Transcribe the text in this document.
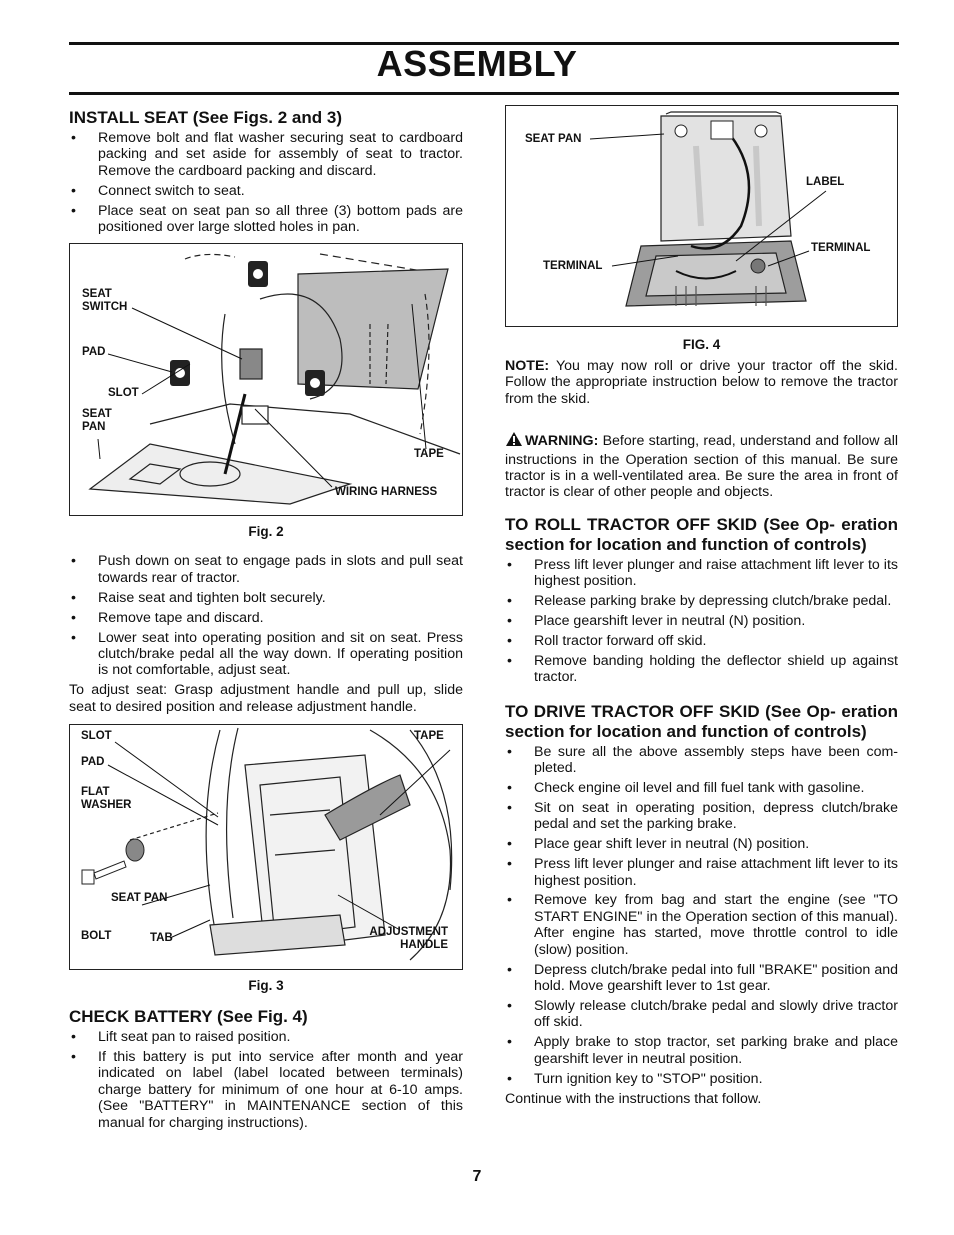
ASSEMBLY
INSTALL SEAT (See Figs. 2 and 3)
• Remove bolt and flat washer securing seat to cardboard packing and set aside for assembly of seat to tractor. Remove the cardboard packing and discard.
• Connect switch to seat.
• Place seat on seat pan so all three (3) bottom pads are positioned over large slotted holes in pan.
SEAT
SWITCH
PAD
SLOT
SEAT
PAN
TAPE
WIRING HARNESS
Fig. 2
• Push down on seat to engage pads in slots and pull seat towards rear of tractor.
• Raise seat and tighten bolt securely.
• Remove tape and discard.
• Lower seat into operating position and sit on seat. Press clutch/brake pedal all the way down. If operating position is not comfortable, adjust seat.

To adjust seat: Grasp adjustment handle and pull up, slide seat to desired position and release adjustment handle.

SLOT
PAD
FLAT
WASHER
SEAT PAN
BOLT	TAB
TAPE
ADJUSTMENT
HANDLE
Fig. 3
CHECK BATTERY (See Fig. 4)
• Lift seat pan to raised position.
• If this battery is put into service after month and year indicated on label (label located between terminals) charge battery for minimum of one hour at 6-10 amps. (See "BATTERY" in MAINTENANCE section of this manual for charging instructions).
SEAT PAN
LABEL
TERMINAL
TERMINAL
FIG. 4

NOTE: You may now roll or drive your tractor off the skid. Follow the appropriate instruction below to remove the tractor from the skid.

WARNING: Before starting, read, understand and follow all instructions in the Operation section of this manual. Be sure tractor is in a well-ventilated area. Be sure the area in front of tractor is clear of other people and objects.

TO ROLL TRACTOR OFF SKID (See Op- eration section for location and function of controls)
• Press lift lever plunger and raise attachment lift lever to its highest position.
• Release parking brake by depressing clutch/brake pedal.
• Place gearshift lever in neutral (N) position.
• Roll tractor forward off skid.
• Remove banding holding the deflector shield up against tractor.
TO DRIVE TRACTOR OFF SKID (See Op- eration section for location and function of controls)
• Be sure all the above assembly steps have been com- pleted.
• Check engine oil level and fill fuel tank with gasoline.
• Sit on seat in operating position, depress clutch/brake pedal and set the parking brake.
• Place gear shift lever in neutral (N) position.
• Press lift lever plunger and raise attachment lift lever to its highest position.
• Remove key from bag and start the engine (see "TO START ENGINE" in the Operation section of this manual). After engine has started, move throttle control to idle (slow) position.
• Depress clutch/brake pedal into full "BRAKE" position and hold. Move gearshift lever to 1st gear.
• Slowly release clutch/brake pedal and slowly drive tractor off skid.
• Apply brake to stop tractor, set parking brake and place gearshift lever in neutral position.
• Turn ignition key to "STOP" position.

Continue with the instructions that follow.

7
